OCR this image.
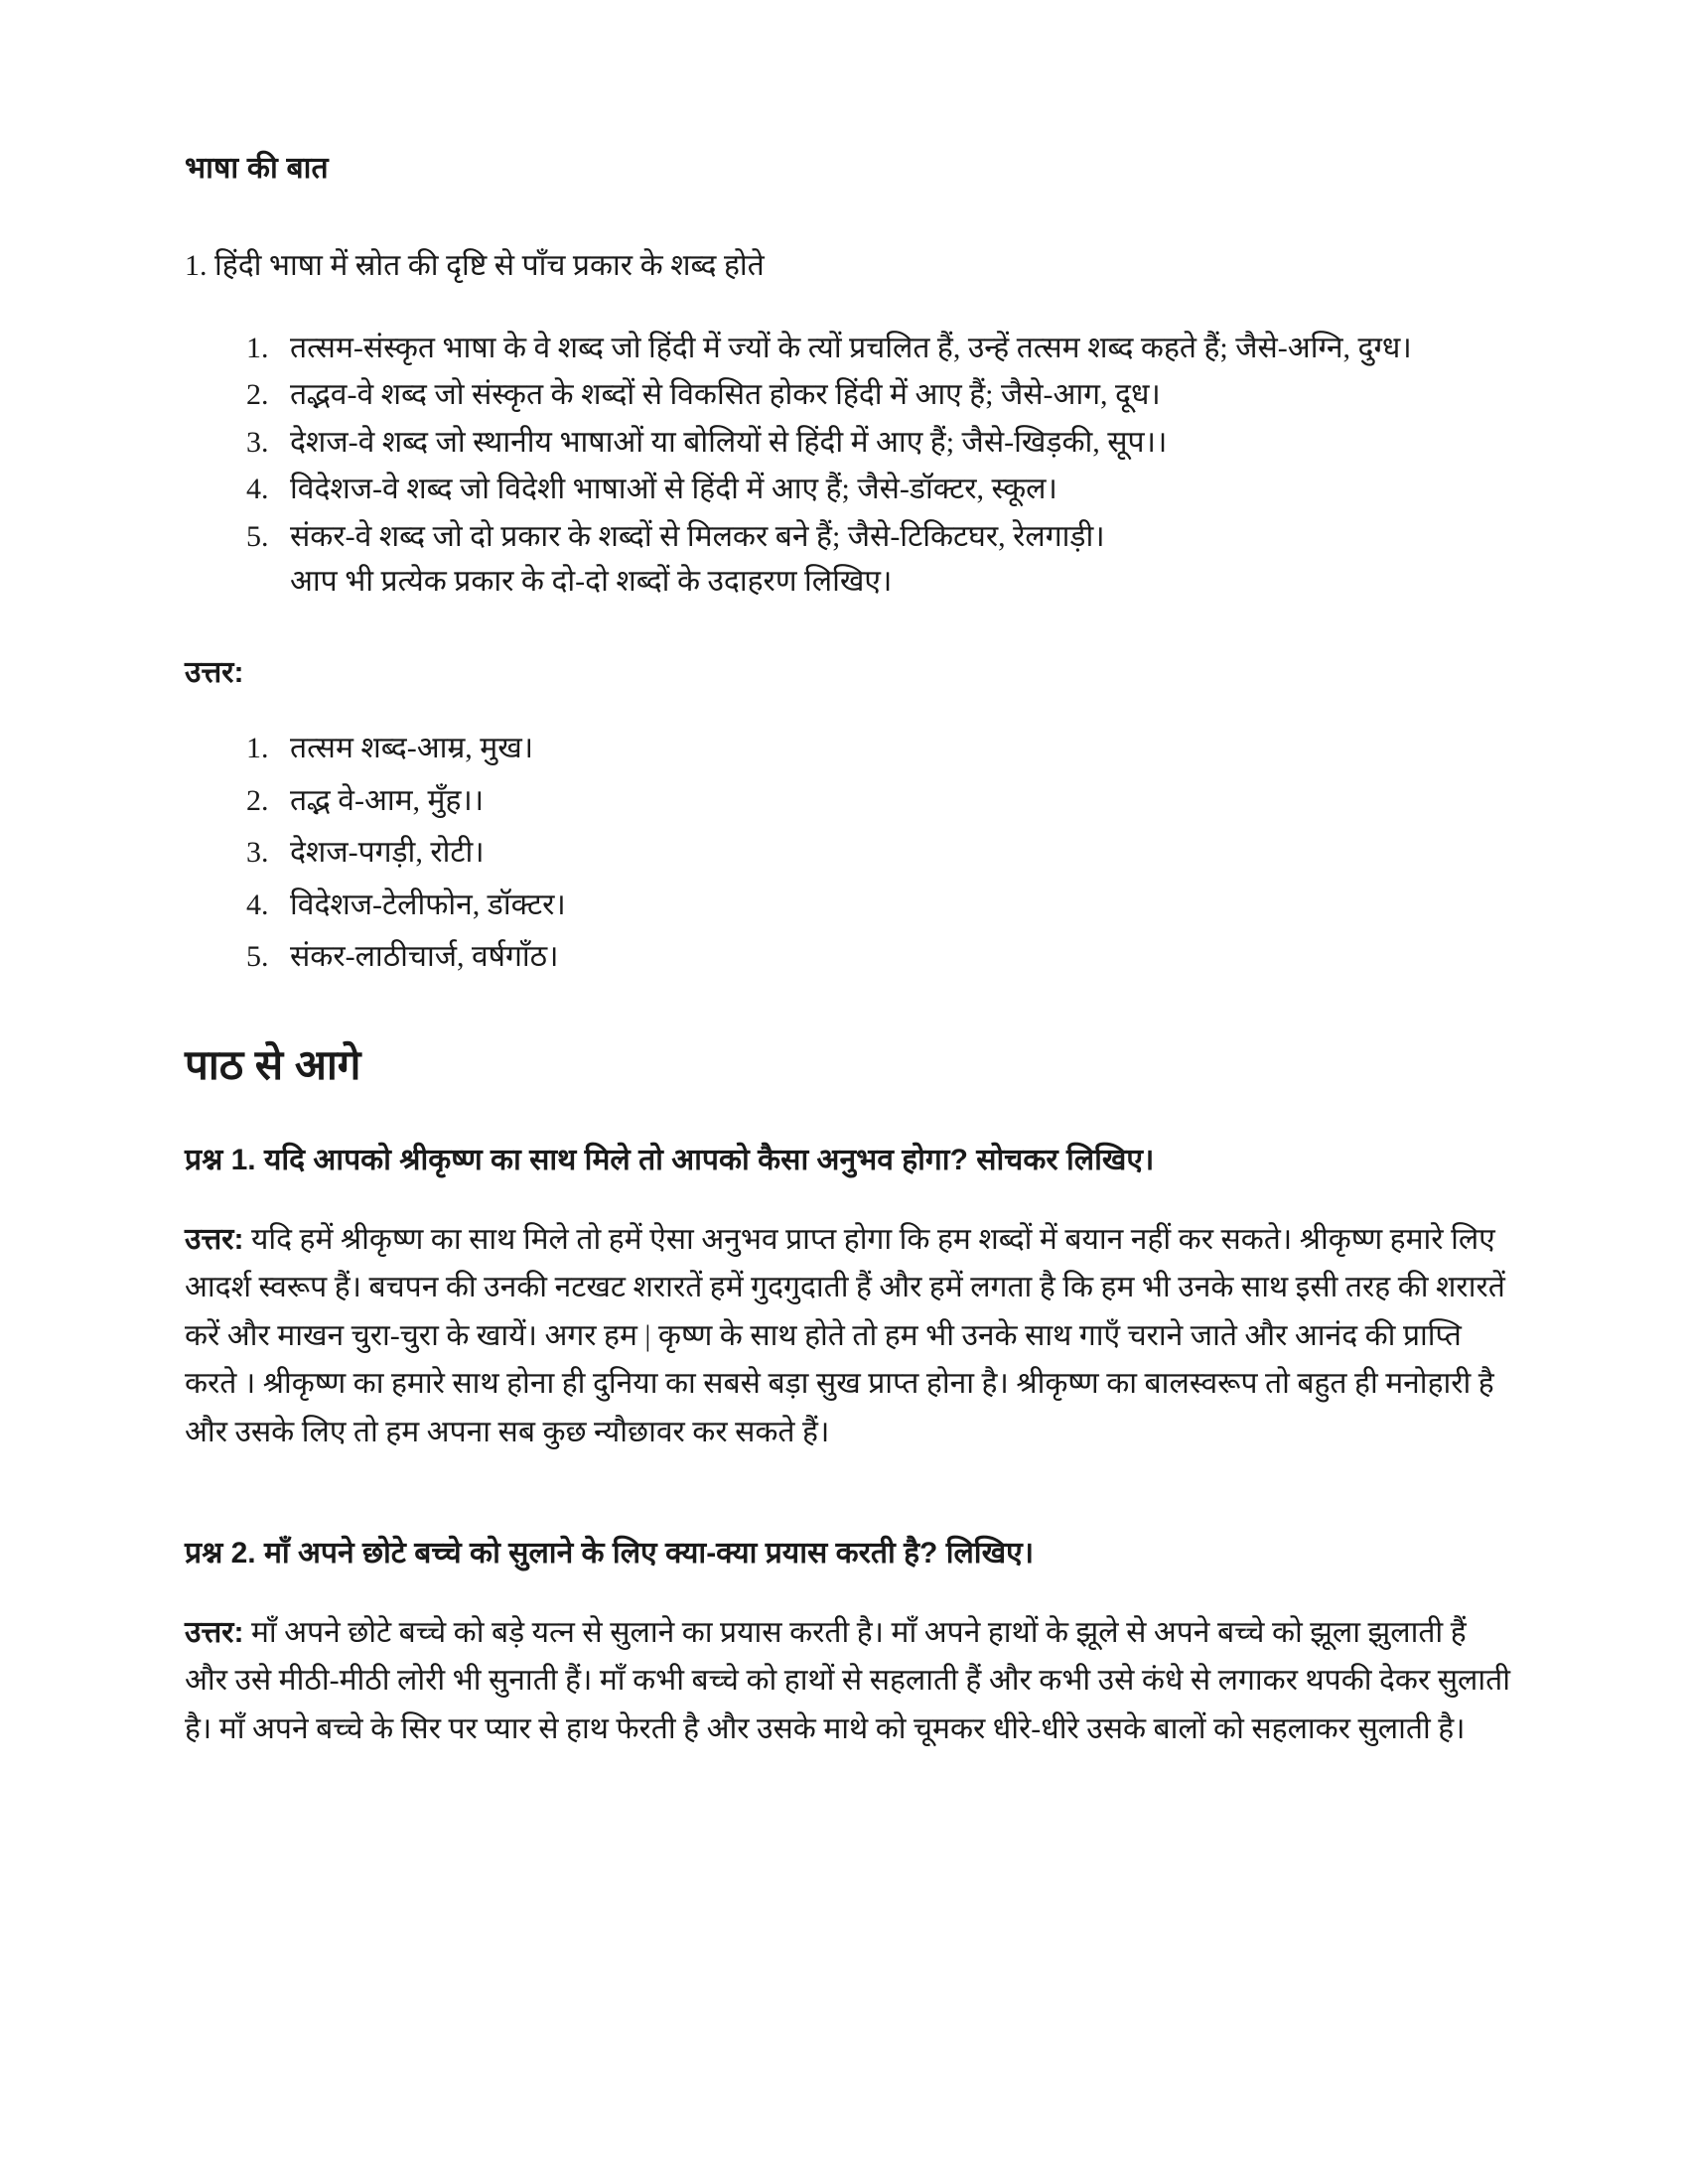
भाषा की बात

1. हिंदी भाषा में स्रोत की दृष्टि से पाँच प्रकार के शब्द होते

1. तत्सम-संस्कृत भाषा के वे शब्द जो हिंदी में ज्यों के त्यों प्रचलित हैं, उन्हें तत्सम शब्द कहते हैं; जैसे-अग्नि, दुग्ध।
2. तद्भव-वे शब्द जो संस्कृत के शब्दों से विकसित होकर हिंदी में आए हैं; जैसे-आग, दूध।
3. देशज-वे शब्द जो स्थानीय भाषाओं या बोलियों से हिंदी में आए हैं; जैसे-खिड़की, सूप।।
4. विदेशज-वे शब्द जो विदेशी भाषाओं से हिंदी में आए हैं; जैसे-डॉक्टर, स्कूल।
5. संकर-वे शब्द जो दो प्रकार के शब्दों से मिलकर बने हैं; जैसे-टिकिटघर, रेलगाड़ी।
आप भी प्रत्येक प्रकार के दो-दो शब्दों के उदाहरण लिखिए।

उत्तर:

1. तत्सम शब्द-आम्र, मुख।
2. तद्भ वे-आम, मुँह।।
3. देशज-पगड़ी, रोटी।
4. विदेशज-टेलीफोन, डॉक्टर।
5. संकर-लाठीचार्ज, वर्षगाँठ।
पाठ से आगे
प्रश्न 1. यदि आपको श्रीकृष्ण का साथ मिले तो आपको कैसा अनुभव होगा? सोचकर लिखिए।

उत्तर: यदि हमें श्रीकृष्ण का साथ मिले तो हमें ऐसा अनुभव प्राप्त होगा कि हम शब्दों में बयान नहीं कर सकते। श्रीकृष्ण हमारे लिए आदर्श स्वरूप हैं। बचपन की उनकी नटखट शरारतें हमें गुदगुदाती हैं और हमें लगता है कि हम भी उनके साथ इसी तरह की शरारतें करें और माखन चुरा-चुरा के खायें। अगर हम | कृष्ण के साथ होते तो हम भी उनके साथ गाएँ चराने जाते और आनंद की प्राप्ति करते । श्रीकृष्ण का हमारे साथ होना ही दुनिया का सबसे बड़ा सुख प्राप्त होना है। श्रीकृष्ण का बालस्वरूप तो बहुत ही मनोहारी है और उसके लिए तो हम अपना सब कुछ न्यौछावर कर सकते हैं।

प्रश्न 2. माँ अपने छोटे बच्चे को सुलाने के लिए क्या-क्या प्रयास करती है? लिखिए।

उत्तर: माँ अपने छोटे बच्चे को बड़े यत्न से सुलाने का प्रयास करती है। माँ अपने हाथों के झूले से अपने बच्चे को झूला झुलाती हैं और उसे मीठी-मीठी लोरी भी सुनाती हैं। माँ कभी बच्चे को हाथों से सहलाती हैं और कभी उसे कंधे से लगाकर थपकी देकर सुलाती है। माँ अपने बच्चे के सिर पर प्यार से हाथ फेरती है और उसके माथे को चूमकर धीरे-धीरे उसके बालों को सहलाकर सुलाती है।
